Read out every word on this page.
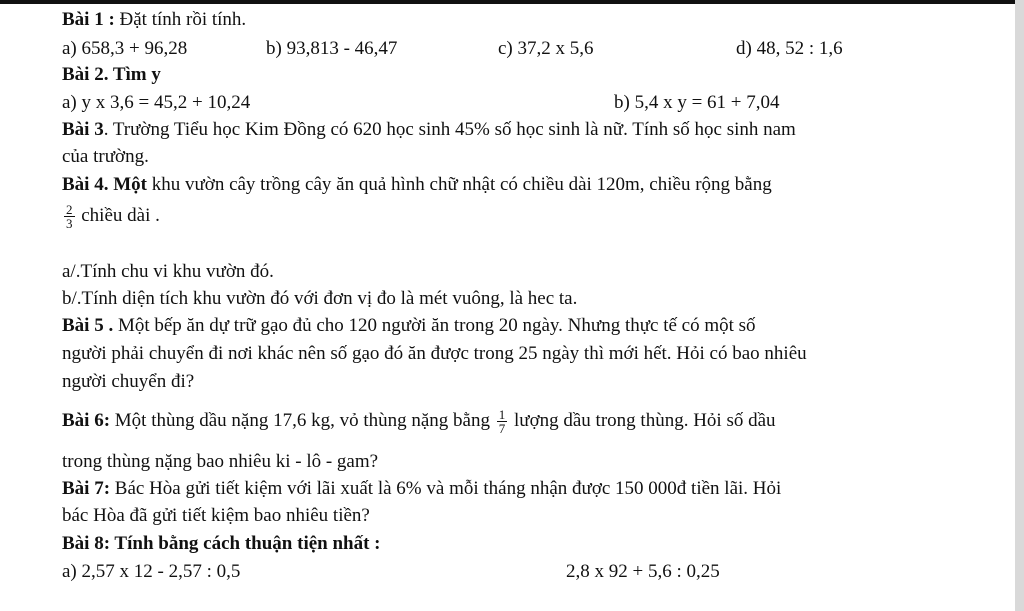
Bài 1 : Đặt tính rồi tính.
a) 658,3 + 96,28	b) 93,813 - 46,47	c) 37,2 x 5,6	d) 48, 52 : 1,6
Bài 2. Tìm y
a) y x 3,6 = 45,2 + 10,24	b) 5,4 x y = 61 + 7,04
Bài 3. Trường Tiểu học Kim Đồng có 620 học sinh 45% số học sinh là nữ. Tính số học sinh nam
của trường.
Bài 4. Một khu vườn cây trồng cây ăn quả hình chữ nhật có chiều dài 120m, chiều rộng bằng
$\frac{2}{3}$ chiều dài .
a/.Tính chu vi khu vườn đó.
b/.Tính diện tích khu vườn đó với đơn vị đo là mét vuông, là hec ta.
Bài 5 . Một bếp ăn dự trữ gạo đủ cho 120 người ăn trong 20 ngày. Nhưng thực tế có một số
người phải chuyển đi nơi khác nên số gạo đó ăn được trong 25 ngày thì mới hết. Hỏi có bao nhiêu
người chuyển đi?
Bài 6: Một thùng dầu nặng 17,6 kg, vỏ thùng nặng bằng $\frac{1}{7}$ lượng dầu trong thùng. Hỏi số dầu
trong thùng nặng bao nhiêu ki - lô - gam?
Bài 7: Bác Hòa gửi tiết kiệm với lãi xuất là 6% và mỗi tháng nhận được 150 000đ tiền lãi. Hỏi
bác Hòa đã gửi tiết kiệm bao nhiêu tiền?
Bài 8: Tính bằng cách thuận tiện nhất :
a) 2,57 x 12 - 2,57 : 0,5	2,8 x 92 + 5,6 : 0,25
